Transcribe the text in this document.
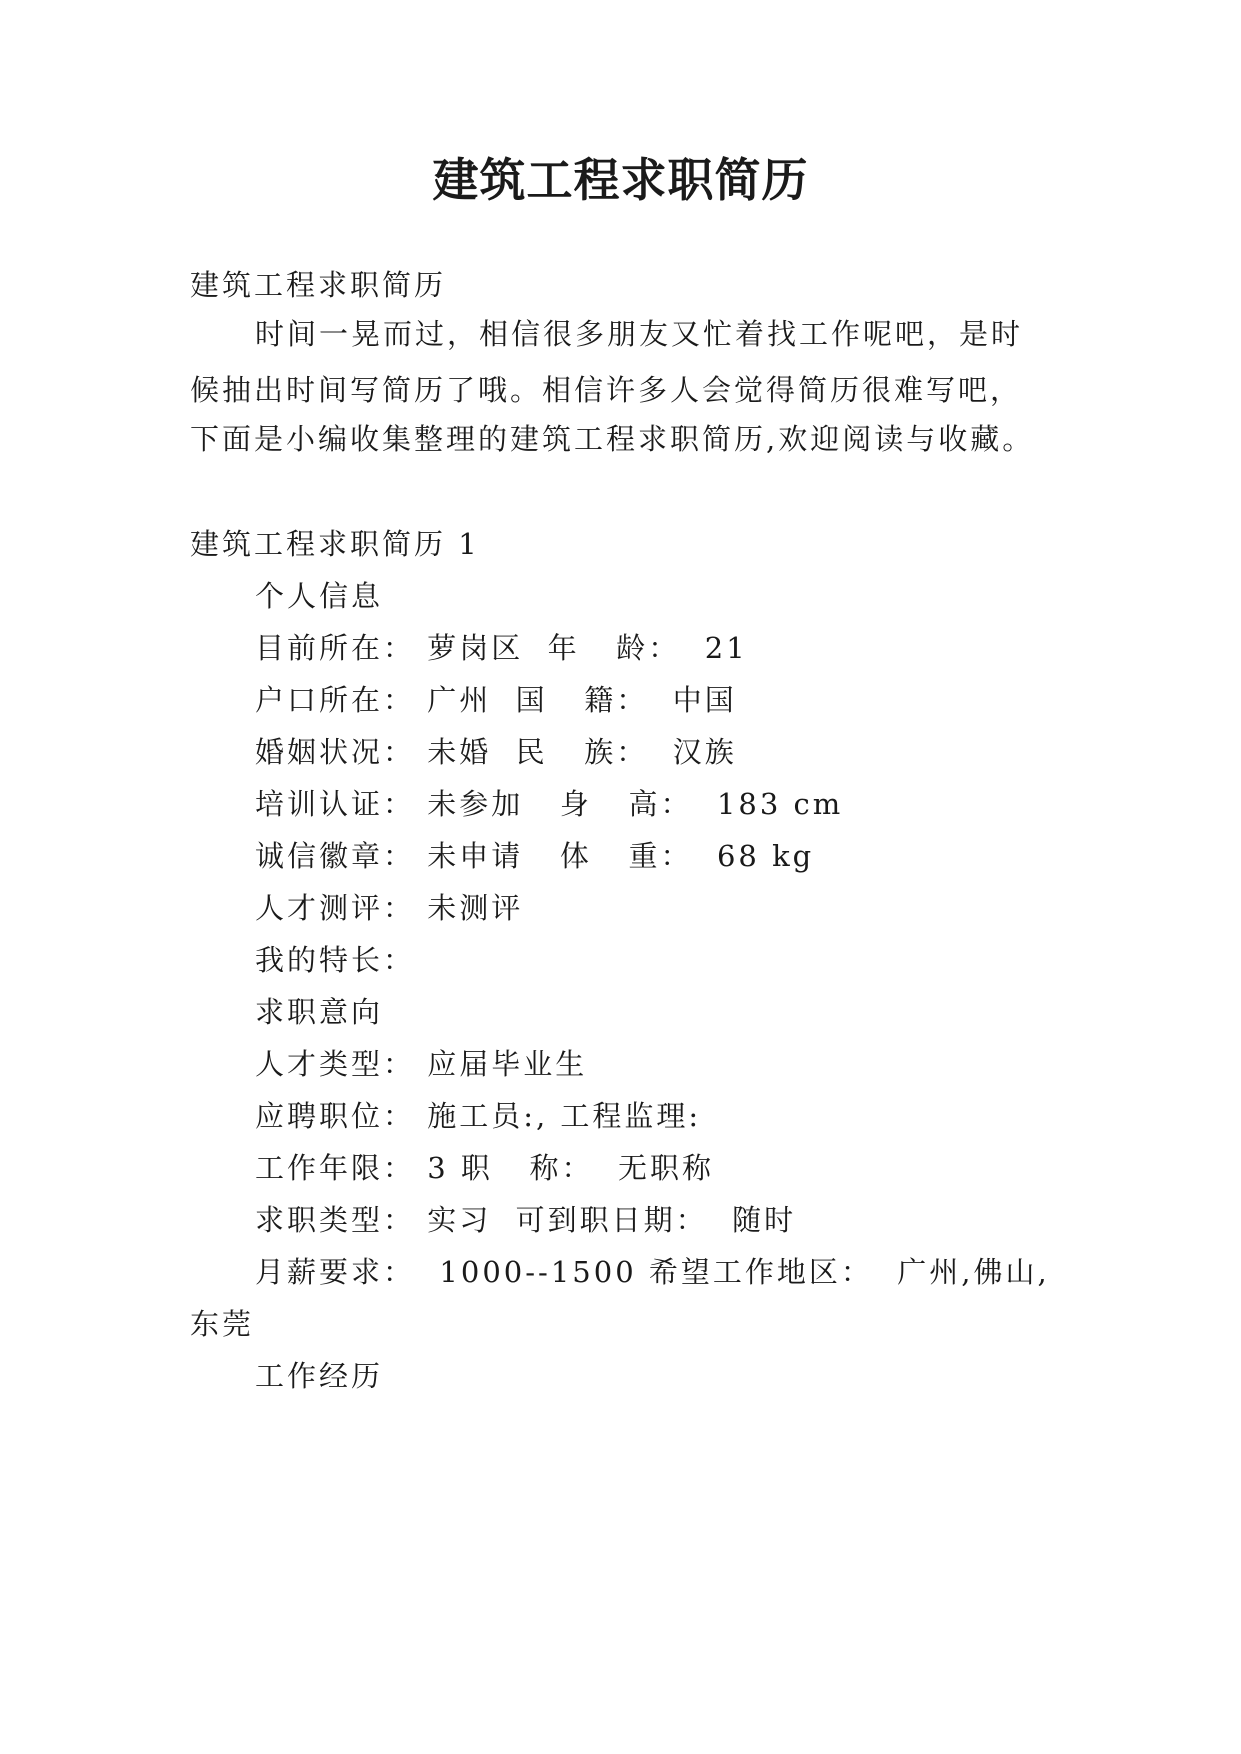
建筑工程求职简历
建筑工程求职简历
时间一晃而过，相信很多朋友又忙着找工作呢吧，是时
候抽出时间写简历了哦。相信许多人会觉得简历很难写吧，
下面是小编收集整理的建筑工程求职简历,欢迎阅读与收藏。
建筑工程求职简历 1
个人信息
目前所在： 萝岗区  年   龄：  21
户口所在： 广州  国   籍：  中国
婚姻状况： 未婚  民   族：  汉族
培训认证： 未参加   身   高：  183 cm
诚信徽章： 未申请   体   重：  68 kg
人才测评： 未测评
我的特长：
求职意向
人才类型： 应届毕业生
应聘职位： 施工员:, 工程监理:
工作年限： 3 职   称：  无职称
求职类型： 实习  可到职日期：  随时
月薪要求：  1000--1500 希望工作地区：  广州,佛山,
东莞
工作经历
